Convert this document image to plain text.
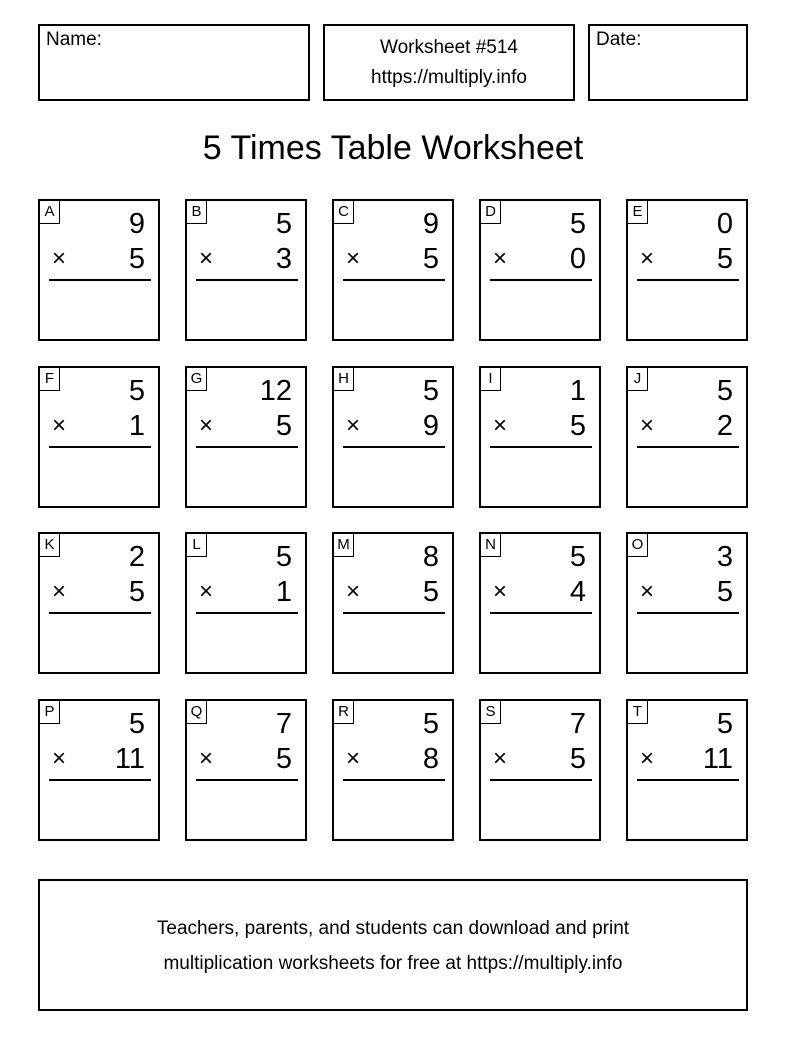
Name:	Worksheet #514
https://multiply.info
Date:
5 Times Table Worksheet
A	9
× 5
B	5
× 3
C	9
× 5
D	5
× 0
E	0
× 5
F	5
× 1
G 12
× 5
H	5
× 9
I	1
× 5
J	5
× 2
K	2
× 5
L	5
× 1
M	8
× 5
N	5
× 4
O	3
× 5
P	5
× 11
Q	7
× 5
R	5
× 8
S	7
× 5
T	5
× 11
Teachers, parents, and students can download and print
multiplication worksheets for free at https://multiply.info
